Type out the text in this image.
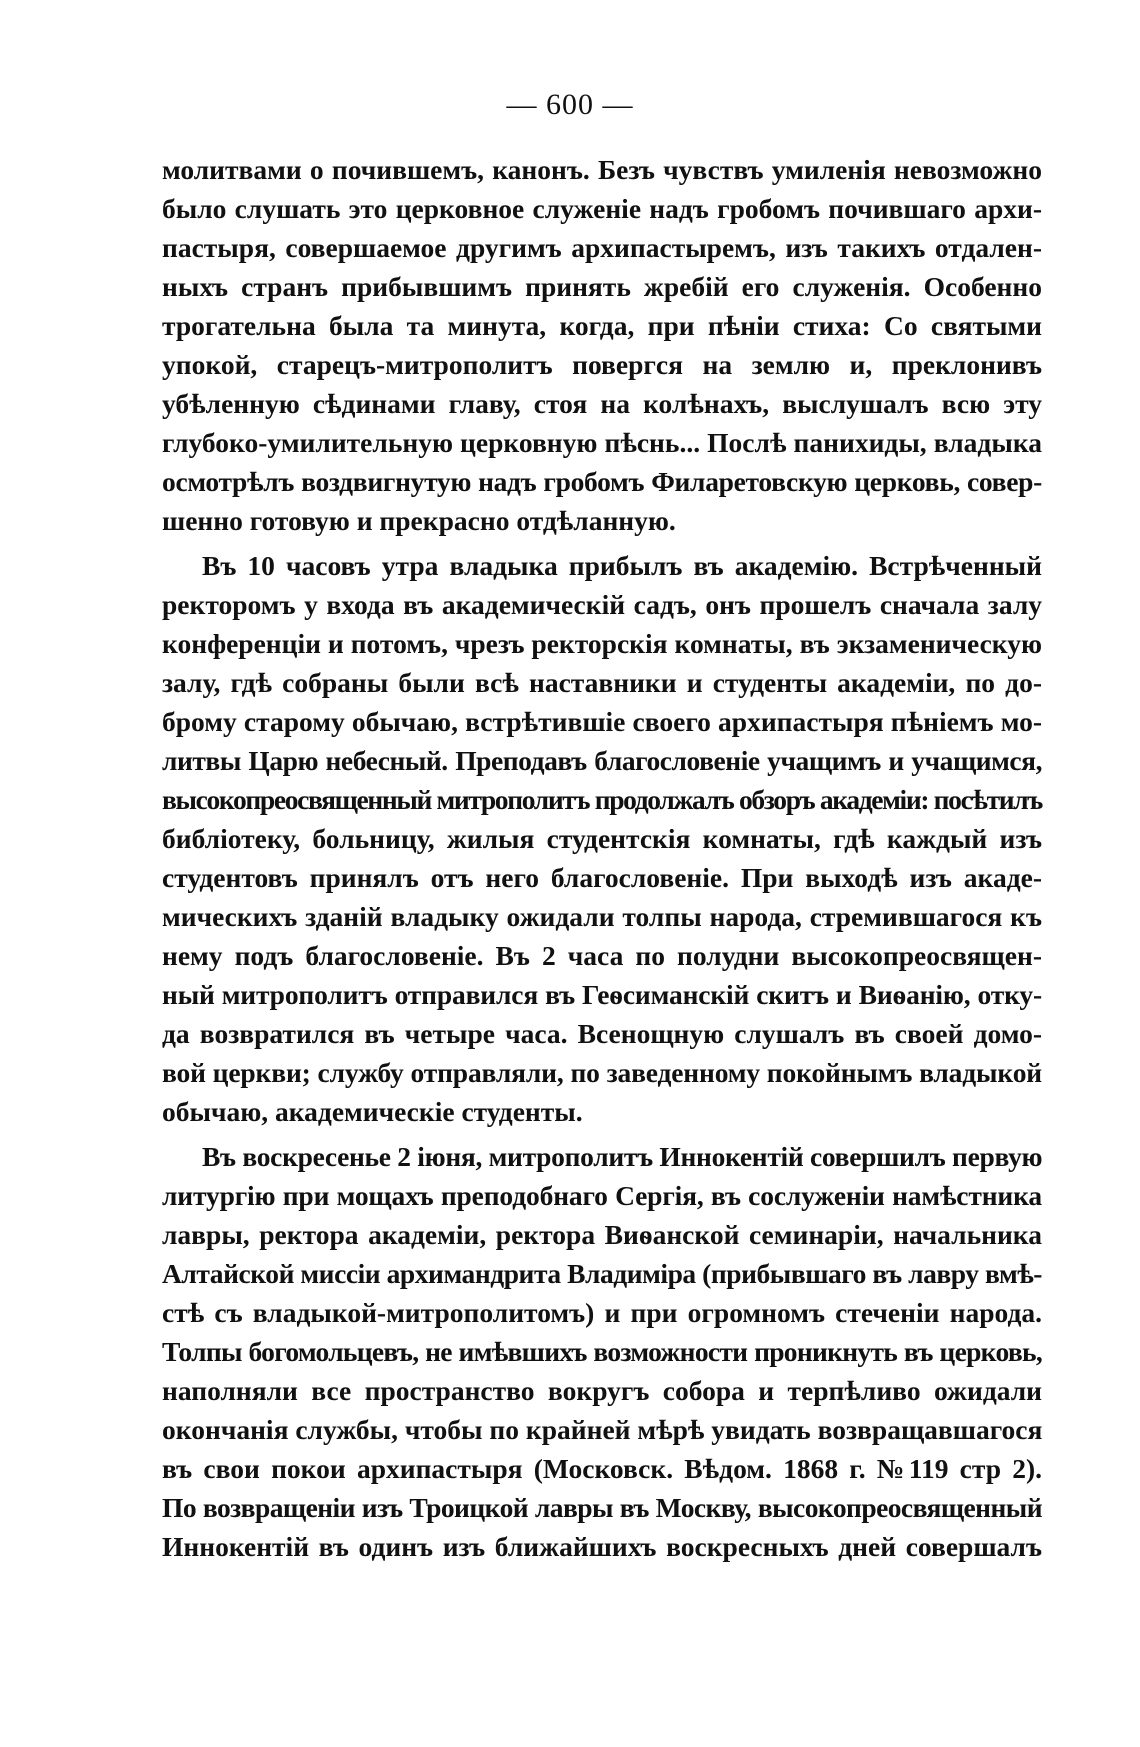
— 600 —
молитвами о почившемъ, канонъ. Безъ чувствъ умиленія невозможно
было слушать это церковное служеніе надъ гробомъ почившаго архи-
пастыря, совершаемое другимъ архипастыремъ, изъ такихъ отдален-
ныхъ странъ прибывшимъ принять жребій его служенія. Особенно
трогательна была та минута, когда, при пѣніи стиха: Со святыми
упокой, старецъ-митрополитъ повергся на землю и, преклонивъ
убѣленную сѣдинами главу, стоя на колѣнахъ, выслушалъ всю эту
глубоко-умилительную церковную пѣснь... Послѣ панихиды, владыка
осмотрѣлъ воздвигнутую надъ гробомъ Филаретовскую церковь, совер-
шенно готовую и прекрасно отдѣланную.
Въ 10 часовъ утра владыка прибылъ въ академію. Встрѣченный
ректоромъ у входа въ академическій садъ, онъ прошелъ сначала залу
конференціи и потомъ, чрезъ ректорскія комнаты, въ экзаменическую
залу, гдѣ собраны были всѣ наставники и студенты академіи, по до-
брому старому обычаю, встрѣтившіе своего архипастыря пѣніемъ мо-
литвы Царю небесный. Преподавъ благословеніе учащимъ и учащимся,
высокопреосвященный митрополитъ продолжалъ обзоръ академіи: посѣтилъ
библіотеку, больницу, жилыя студентскія комнаты, гдѣ каждый изъ
студентовъ принялъ отъ него благословеніе. При выходѣ изъ акаде-
мическихъ зданій владыку ожидали толпы народа, стремившагося къ
нему подъ благословеніе. Въ 2 часа по полудни высокопреосвящен-
ный митрополитъ отправился въ Геѳсиманскій скитъ и Виѳанію, отку-
да возвратился въ четыре часа. Всенощную слушалъ въ своей домо-
вой церкви; службу отправляли, по заведенному покойнымъ владыкой
обычаю, академическіе студенты.
Въ воскресенье 2 іюня, митрополитъ Иннокентій совершилъ первую
литургію при мощахъ преподобнаго Сергія, въ сослуженіи намѣстника
лавры, ректора академіи, ректора Виѳанской семинаріи, начальника
Алтайской миссіи архимандрита Владиміра (прибывшаго въ лавру вмѣ-
стѣ съ владыкой-митрополитомъ) и при огромномъ стеченіи народа.
Толпы богомольцевъ, не имѣвшихъ возможности проникнуть въ церковь,
наполняли все пространство вокругъ собора и терпѣливо ожидали
окончанія службы, чтобы по крайней мѣрѣ увидать возвращавшагося
въ свои покои архипастыря (Московск. Вѣдом. 1868 г. №119 стр 2).
По возвращеніи изъ Троицкой лавры въ Москву, высокопреосвященный
Иннокентій въ одинъ изъ ближайшихъ воскресныхъ дней совершалъ
